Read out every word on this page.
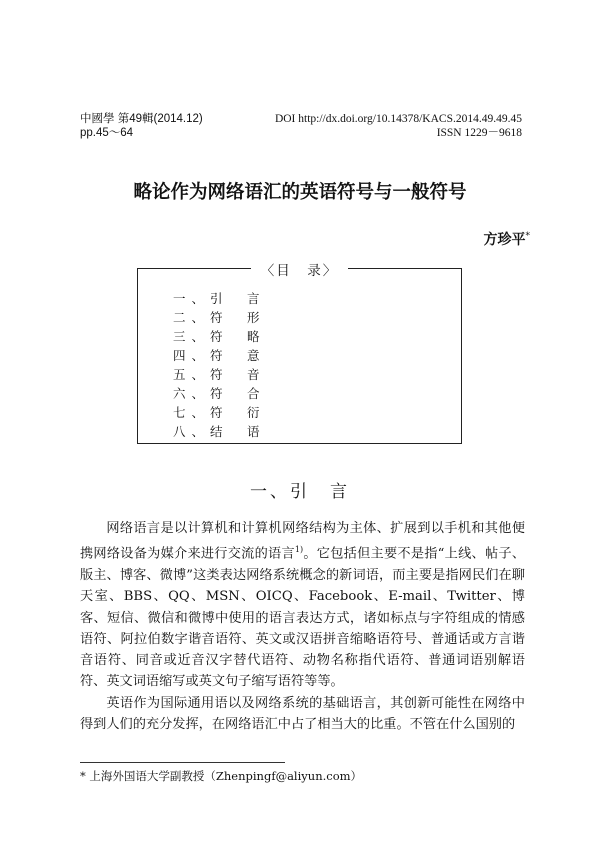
中國學 第49輯(2014.12)
pp.45～64
DOI http://dx.doi.org/10.14378/KACS.2014.49.49.45
ISSN 1229－9618
略论作为网络语汇的英语符号与一般符号
方珍平*
〈目　录〉
一、引　言
二、符　形
三、符　略
四、符　意
五、符　音
六、符　合
七、符　衍
八、结　语
一、引　言

网络语言是以计算机和计算机网络结构为主体、扩展到以手机和其他便携网络设备为媒介来进行交流的语言$^{1)}$。它包括但主要不是指“上线、帖子、版主、博客、微博”这类表达网络系统概念的新词语，而主要是指网民们在聊天室、BBS、QQ、MSN、OICQ、Facebook、E-mail、Twitter、博客、短信、微信和微博中使用的语言表达方式，诸如标点与字符组成的情感语符、阿拉伯数字谐音语符、英文或汉语拼音缩略语符号、普通话或方言谐音语符、同音或近音汉字替代语符、动物名称指代语符、普通词语别解语符、英文词语缩写或英文句子缩写语符等等。

英语作为国际通用语以及网络系统的基础语言，其创新可能性在网络中得到人们的充分发挥，在网络语汇中占了相当大的比重。不管在什么国别的

* 上海外国语大学副教授（Zhenpingf@aliyun.com）
